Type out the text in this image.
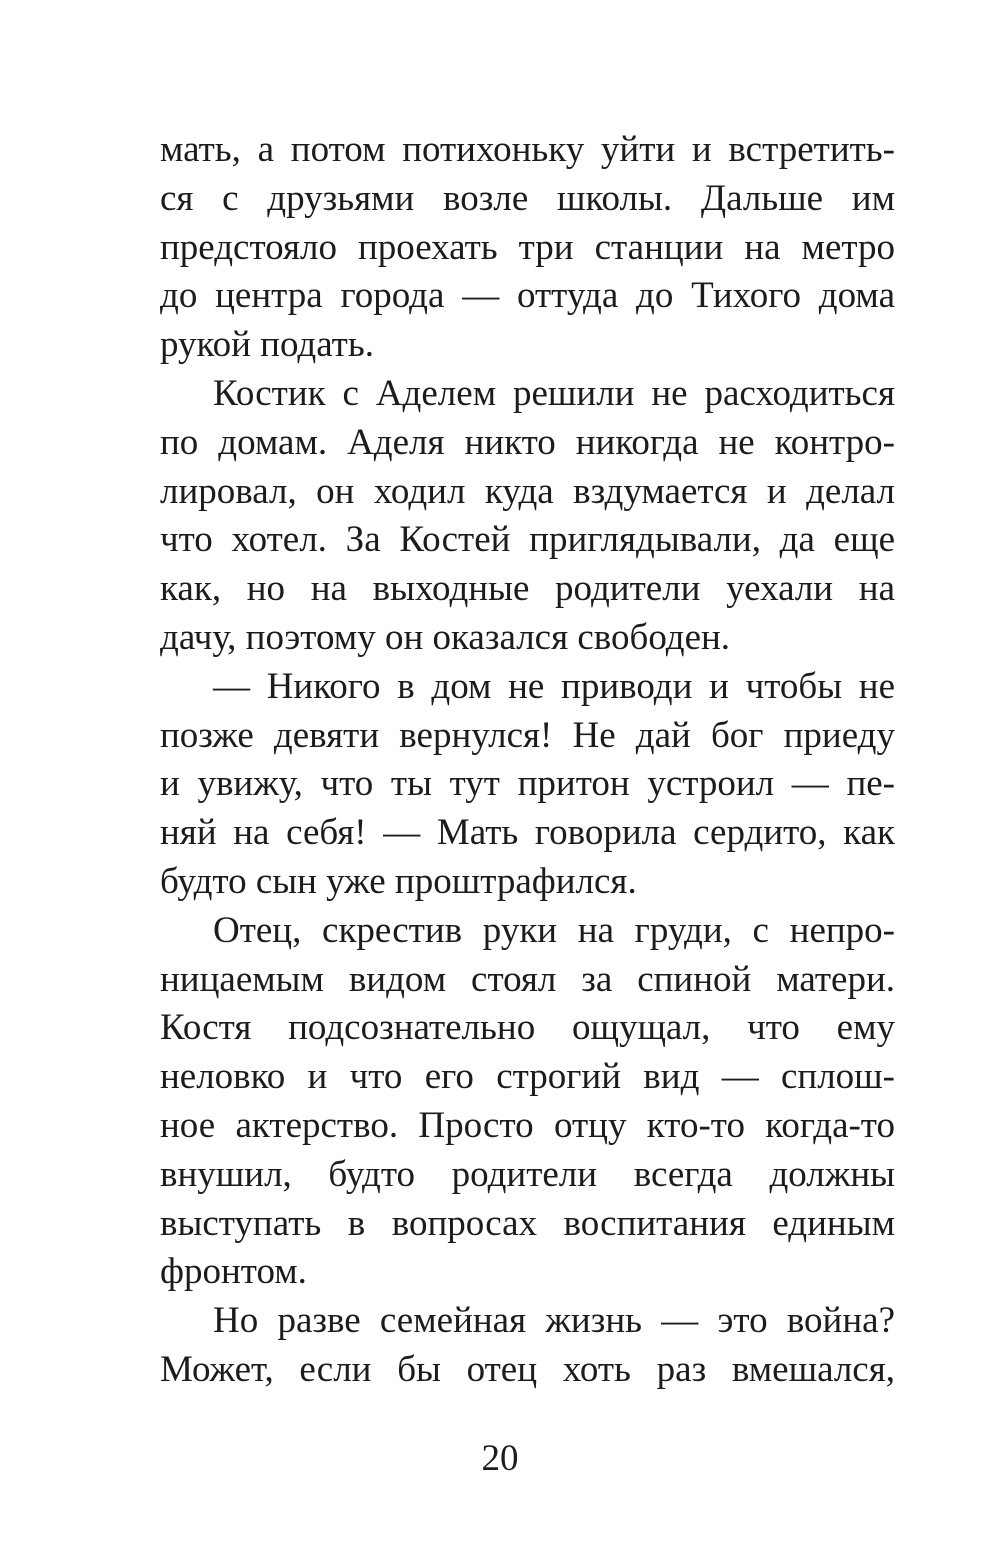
мать, а потом потихоньку уйти и встретить-
ся с друзьями возле школы. Дальше им
предстояло проехать три станции на метро
до центра города — оттуда до Тихого дома
рукой подать.
Костик с Аделем решили не расходиться
по домам. Аделя никто никогда не контро-
лировал, он ходил куда вздумается и делал
что хотел. За Костей приглядывали, да еще
как, но на выходные родители уехали на
дачу, поэтому он оказался свободен.
— Никого в дом не приводи и чтобы не
позже девяти вернулся! Не дай бог приеду
и увижу, что ты тут притон устроил — пе-
няй на себя! — Мать говорила сердито, как
будто сын уже проштрафился.
Отец, скрестив руки на груди, с непро-
ницаемым видом стоял за спиной матери.
Костя подсознательно ощущал, что ему
неловко и что его строгий вид — сплош-
ное актерство. Просто отцу кто-то когда-то
внушил, будто родители всегда должны
выступать в вопросах воспитания единым
фронтом.
Но разве семейная жизнь — это война?
Может, если бы отец хоть раз вмешался,
20
